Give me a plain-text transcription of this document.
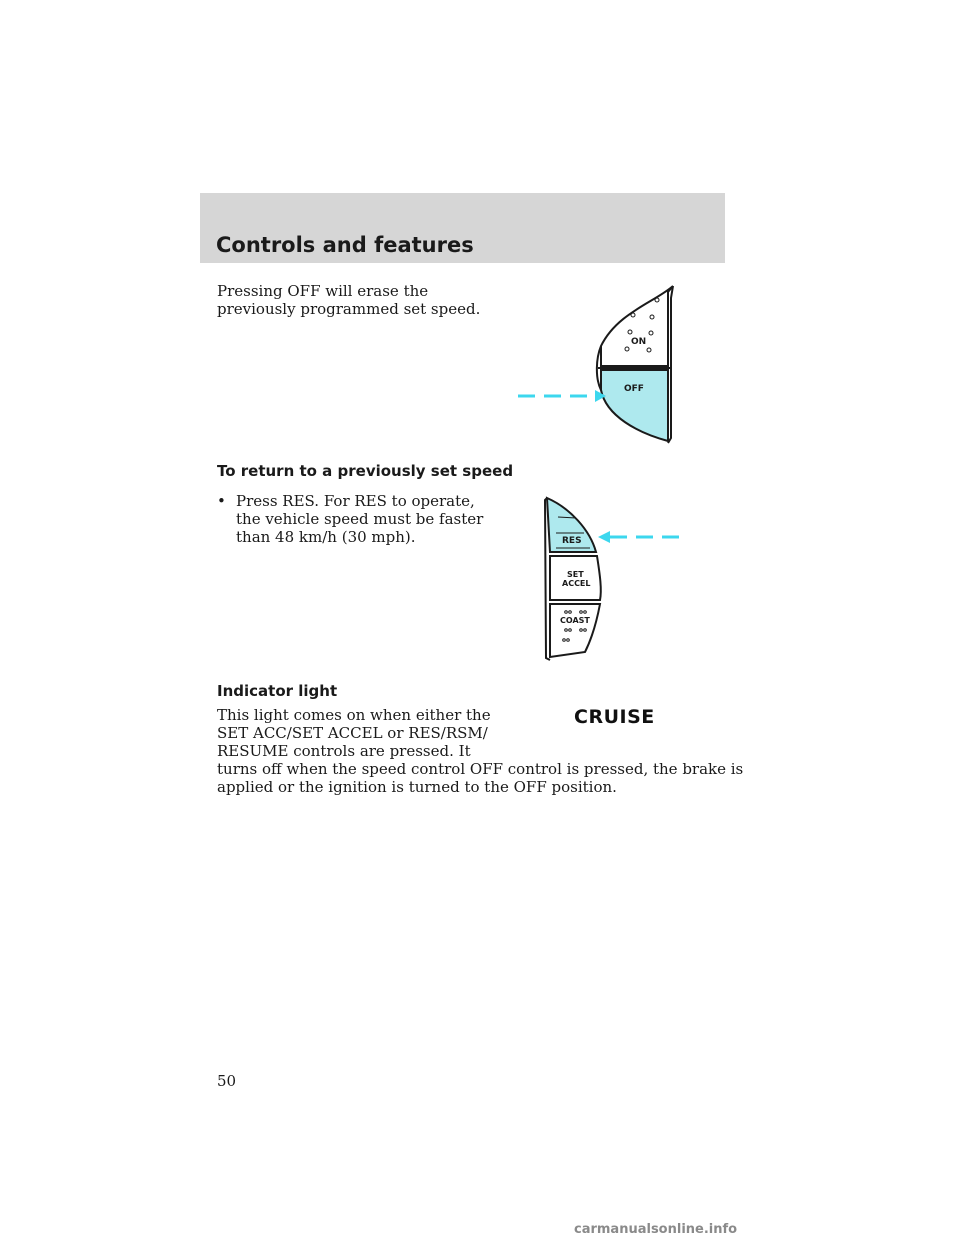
Controls and features

Pressing OFF will erase the

previously programmed set speed.

ON
OFF
To return to a previously set speed
• Press RES. For RES to operate,
the vehicle speed must be faster
than 48 km/h (30 mph).	RES
SET
ACCEL
COAST
Indicator light

This light comes on when either the

SET ACC/SET ACCEL or RES/RSM/

RESUME controls are pressed. It

turns off when the speed control OFF control is pressed, the brake is

applied or the ignition is turned to the OFF position.

CRUISE
50
carmanualsonline.info
